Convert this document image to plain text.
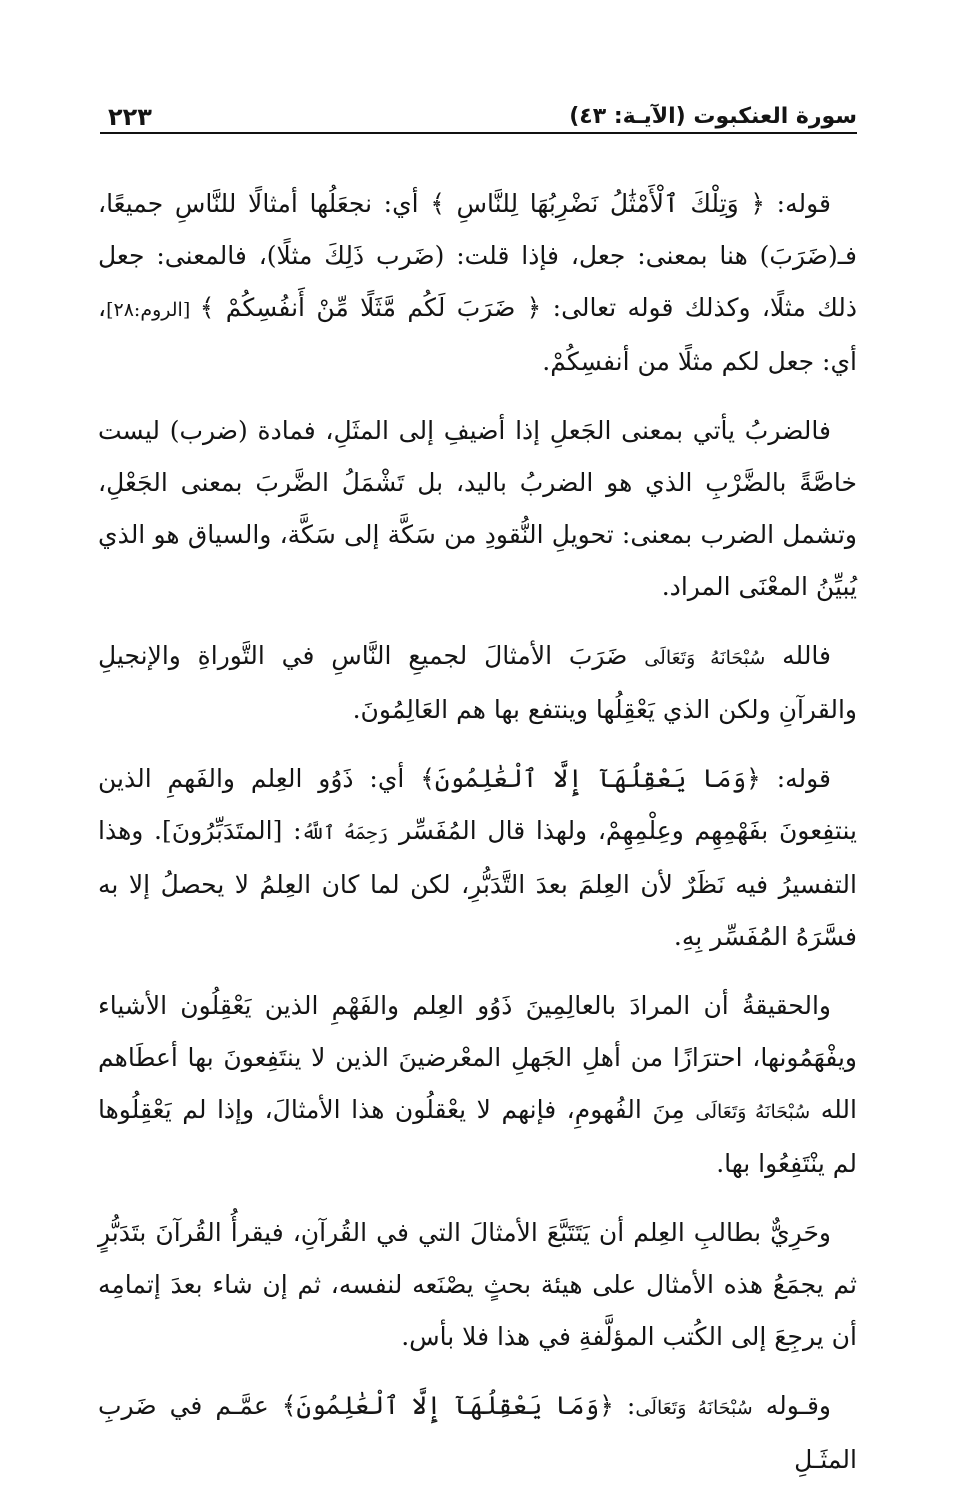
سورة العنكبوت (الآيـة: ٤٣)
٢٢٣

قوله: ﴿ وَتِلْكَ ٱلْأَمْثَٰلُ نَضْرِبُهَا لِلنَّاسِ ﴾ أي: نجعَلُها أمثالًا للنَّاسِ جميعًا، فـ(ضَرَبَ) هنا بمعنى: جعل، فإذا قلت: (ضَرب ذَلِكَ مثلًا)، فالمعنى: جعل ذلك مثلًا، وكذلك قوله تعالى: ﴿ ضَرَبَ لَكُم مَّثَلًا مِّنْ أَنفُسِكُمْ ﴾ [الروم:٢٨]، أي: جعل لكم مثلًا من أنفسِكُمْ.

فالضربُ يأتي بمعنى الجَعلِ إذا أضيفِ إلى المثَلِ، فمادة (ضرب) ليست خاصَّةً بالضَّرْبِ الذي هو الضربُ باليد، بل تَشْمَلُ الضَّربَ بمعنى الجَعْلِ، وتشمل الضرب بمعنى: تحويلِ النُّقودِ من سَكَّة إلى سَكَّة، والسياق هو الذي يُبيِّنُ المعْنَى المراد.

فالله سُبْحَانَهُ وَتَعَالَى ضَرَبَ الأمثالَ لجميعِ النَّاسِ في التَّوراةِ والإنجيلِ والقرآنِ ولكن الذي يَعْقِلُها وينتفع بها هم العَالِمُونَ.

قوله: ﴿وَمَا يَعْقِلُهَآ إِلَّا ٱلْعَٰلِمُونَ﴾ أي: ذَوُو العِلم والفَهمِ الذين ينتفِعونَ بفَهْمِهِم وعِلْمِهِمْ، ولهذا قال المُفَسِّر رَحِمَهُ ٱللَّهُ: [المتَدَبِّرُونَ]. وهذا التفسيرُ فيه نَظَرٌ لأن العِلمَ بعدَ التَّدَبُّرِ، لكن لما كان العِلمُ لا يحصلُ إلا به فسَّرَهُ المُفَسِّر بِهِ.

والحقيقةُ أن المرادَ بالعالِمِينَ ذَوُو العِلم والفَهْمِ الذين يَعْقِلُون الأشياء ويفْهَمُونها، احترَازًا من أهلِ الجَهلِ المعْرضينَ الذين لا ينتَفِعونَ بها أعطَاهم الله سُبْحَانَهُ وَتَعَالَى مِنَ الفُهومِ، فإنهم لا يعْقلُون هذا الأمثالَ، وإذا لم يَعْقِلُوها لم ينْتَفِعُوا بها.

وحَرِيٌّ بطالبِ العِلم أن يَتَتَبَّعَ الأمثالَ التي في القُرآنِ، فيقرأُ القُرآنَ بتَدَبُّرٍ ثم يجمَعُ هذه الأمثال على هيئة بحثٍ يصْنَعه لنفسه، ثم إن شاء بعدَ إتمامِه أن يرجِعَ إلى الكُتب المؤلَّفةِ في هذا فلا بأس.

وقـوله سُبْحَانَهُ وَتَعَالَى: ﴿وَمَا يَعْقِلُهَآ إِلَّا ٱلْعَٰلِمُونَ﴾ عمَّـم في ضَربِ المثَـلِ
